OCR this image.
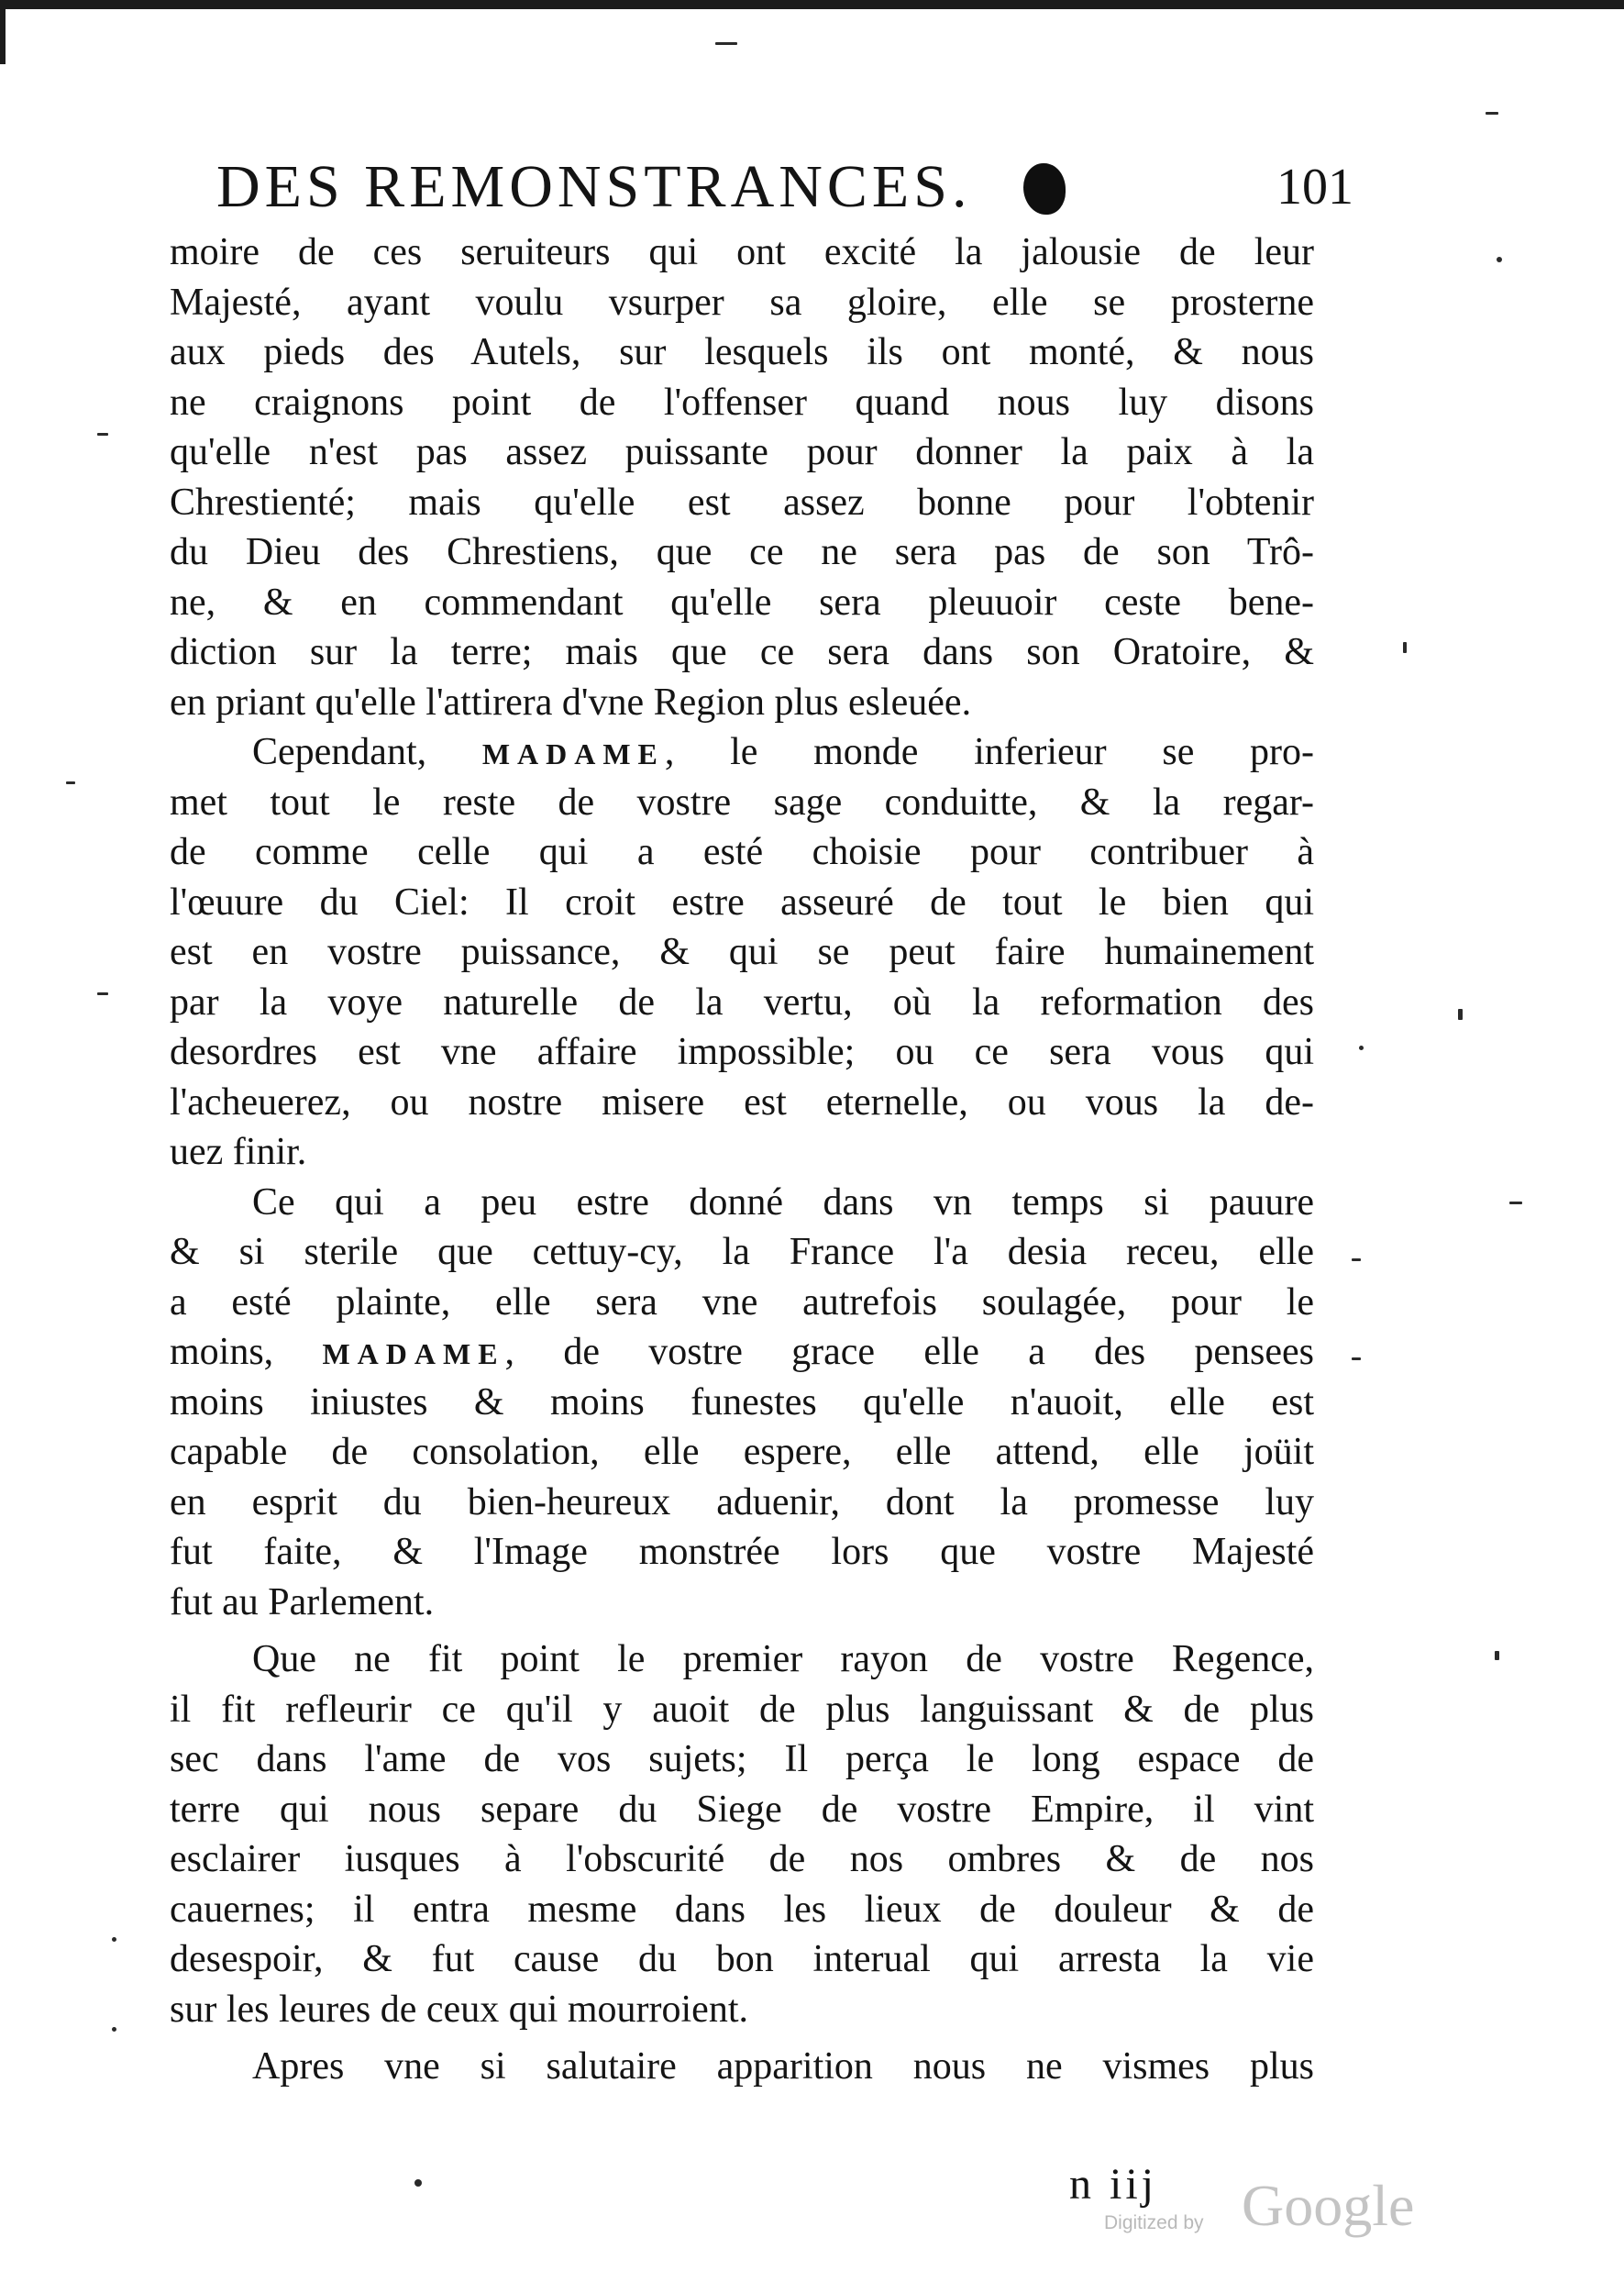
DES REMONSTRANCES.	101
moire de ces seruiteurs qui ont excité la jalousie de leur
Majesté, ayant voulu vsurper sa gloire, elle se prosterne
aux pieds des Autels, sur lesquels ils ont monté, & nous
ne craignons point de l'offenser quand nous luy disons
qu'elle n'est pas assez puissante pour donner la paix à la
Chrestienté; mais qu'elle est assez bonne pour l'obtenir
du Dieu des Chrestiens, que ce ne sera pas de son Trô-
ne, & en commendant qu'elle sera pleuuoir ceste bene-
diction sur la terre; mais que ce sera dans son Oratoire, &
en priant qu'elle l'attirera d'vne Region plus esleuée.
Cependant, MADAME, le monde inferieur se pro-
met tout le reste de vostre sage conduitte, & la regar-
de comme celle qui a esté choisie pour contribuer à
l'œuure du Ciel: Il croit estre asseuré de tout le bien qui
est en vostre puissance, & qui se peut faire humainement
par la voye naturelle de la vertu, où la reformation des
desordres est vne affaire impossible; ou ce sera vous qui
l'acheuerez, ou nostre misere est eternelle, ou vous la de-
uez finir.
Ce qui a peu estre donné dans vn temps si pauure
& si sterile que cettuy-cy, la France l'a desia receu, elle
a esté plainte, elle sera vne autrefois soulagée, pour le
moins, MADAME, de vostre grace elle a des pensees
moins iniustes & moins funestes qu'elle n'auoit, elle est
capable de consolation, elle espere, elle attend, elle joüit
en esprit du bien-heureux aduenir, dont la promesse luy
fut faite, & l'Image monstrée lors que vostre Majesté
fut au Parlement.
Que ne fit point le premier rayon de vostre Regence,
il fit refleurir ce qu'il y auoit de plus languissant & de plus
sec dans l'ame de vos sujets; Il perça le long espace de
terre qui nous separe du Siege de vostre Empire, il vint
esclairer iusques à l'obscurité de nos ombres & de nos
cauernes; il entra mesme dans les lieux de douleur & de
desespoir, & fut cause du bon interual qui arresta la vie
sur les leures de ceux qui mourroient.
Apres vne si salutaire apparition nous ne vismes plus
n iij
Digitized by Google
